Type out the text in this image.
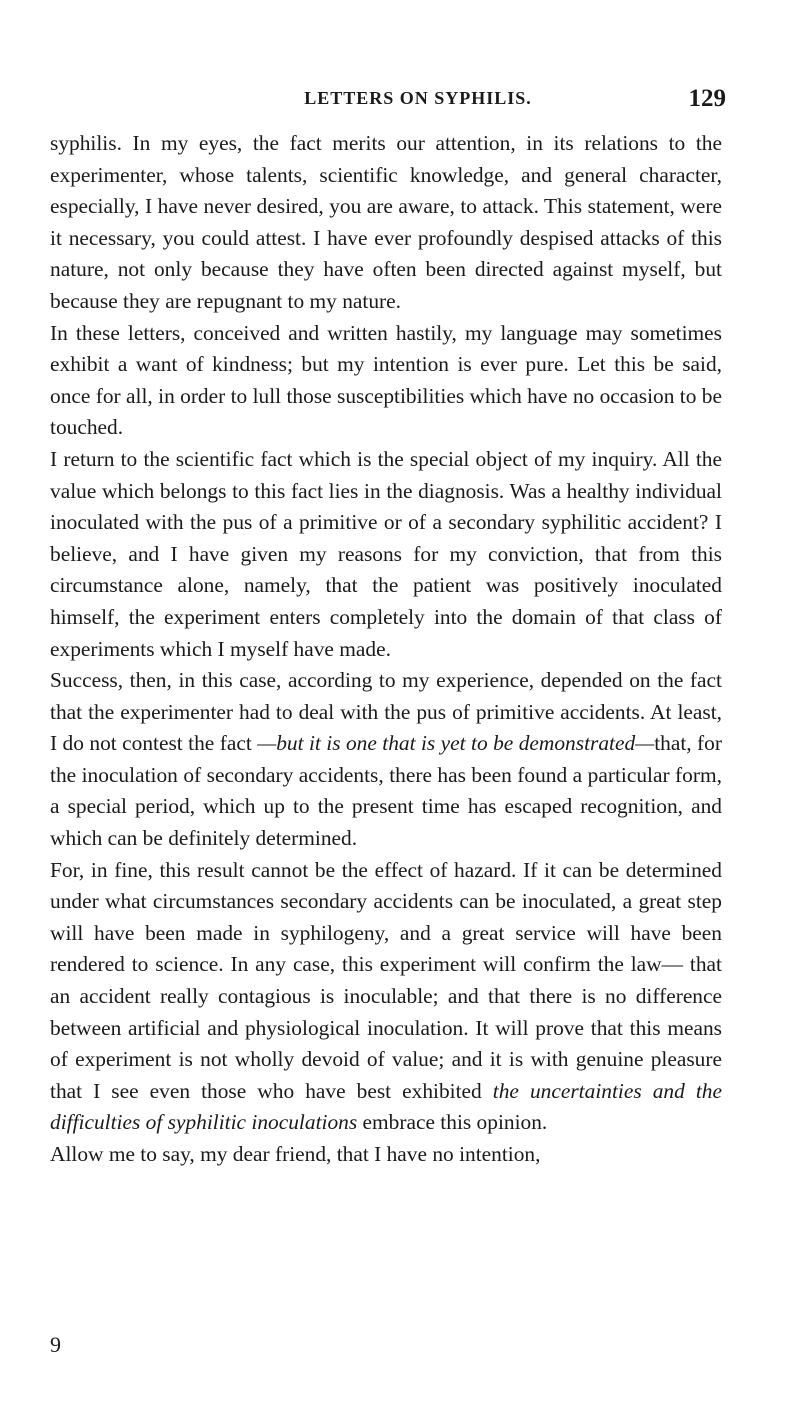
LETTERS ON SYPHILIS.	129

syphilis. In my eyes, the fact merits our attention, in its relations to the experimenter, whose talents, scientific knowledge, and general character, especially, I have never desired, you are aware, to attack. This statement, were it necessary, you could attest. I have ever profoundly despised attacks of this nature, not only because they have often been directed against myself, but because they are repugnant to my nature.

In these letters, conceived and written hastily, my language may sometimes exhibit a want of kindness; but my intention is ever pure. Let this be said, once for all, in order to lull those susceptibilities which have no occasion to be touched.

I return to the scientific fact which is the special object of my inquiry. All the value which belongs to this fact lies in the diagnosis. Was a healthy individual inoculated with the pus of a primitive or of a secondary syphilitic accident? I believe, and I have given my reasons for my conviction, that from this circumstance alone, namely, that the patient was positively inoculated himself, the experiment enters completely into the domain of that class of experiments which I myself have made.

Success, then, in this case, according to my experience, depended on the fact that the experimenter had to deal with the pus of primitive accidents. At least, I do not contest the fact —but it is one that is yet to be demonstrated—that, for the inoculation of secondary accidents, there has been found a particular form, a special period, which up to the present time has escaped recognition, and which can be definitely determined.

For, in fine, this result cannot be the effect of hazard. If it can be determined under what circumstances secondary accidents can be inoculated, a great step will have been made in syphilogeny, and a great service will have been rendered to science. In any case, this experiment will confirm the law— that an accident really contagious is inoculable; and that there is no difference between artificial and physiological inoculation. It will prove that this means of experiment is not wholly devoid of value; and it is with genuine pleasure that I see even those who have best exhibited the uncertainties and the difficulties of syphilitic inoculations embrace this opinion.

Allow me to say, my dear friend, that I have no intention,

9
